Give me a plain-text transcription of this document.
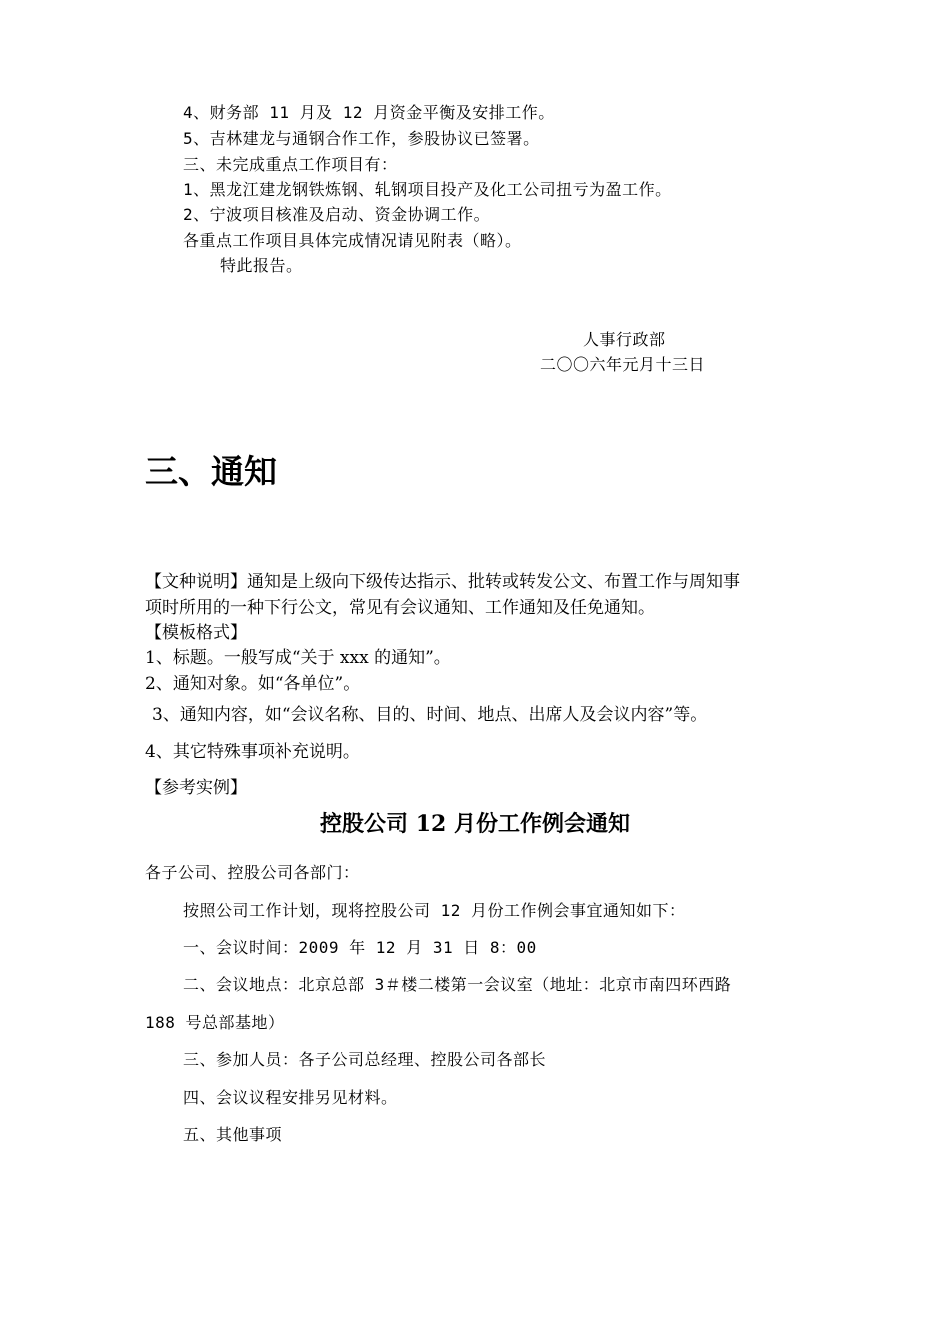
4、财务部 11 月及 12 月资金平衡及安排工作。
5、吉林建龙与通钢合作工作，参股协议已签署。
三、未完成重点工作项目有：
1、黑龙江建龙钢铁炼钢、轧钢项目投产及化工公司扭亏为盈工作。
2、宁波项目核准及启动、资金协调工作。
各重点工作项目具体完成情况请见附表（略）。
特此报告。
人事行政部
二〇〇六年元月十三日
三、通知
【文种说明】通知是上级向下级传达指示、批转或转发公文、布置工作与周知事
项时所用的一种下行公文，常见有会议通知、工作通知及任免通知。
【模板格式】
1、标题。一般写成“关于 xxx 的通知”。
2、通知对象。如“各单位”。
3、通知内容，如“会议名称、目的、时间、地点、出席人及会议内容”等。
4、其它特殊事项补充说明。
【参考实例】
控股公司 12 月份工作例会通知
各子公司、控股公司各部门：
按照公司工作计划，现将控股公司 12 月份工作例会事宜通知如下：
一、会议时间：2009 年 12 月 31 日 8：00
二、会议地点：北京总部 3＃楼二楼第一会议室（地址：北京市南四环西路
188 号总部基地）
三、参加人员：各子公司总经理、控股公司各部长
四、会议议程安排另见材料。
五、其他事项
